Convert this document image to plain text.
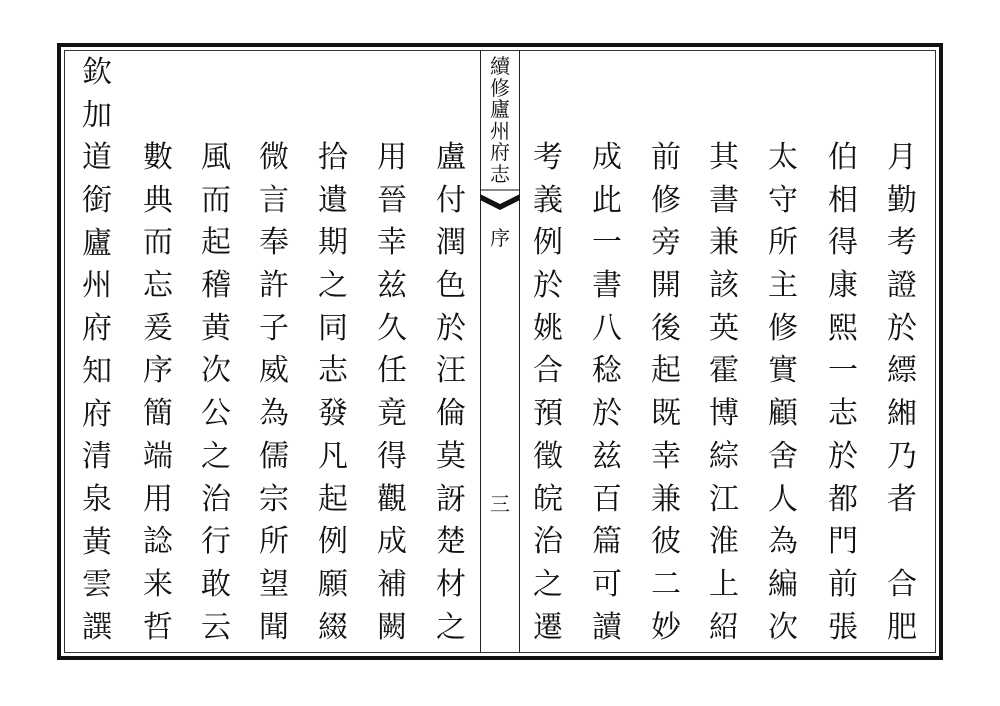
續
修
廬
州
府
志
序
三
欽
加
道
銜
廬
州
府
知
府
清
泉
黃
雲
譔
數
典
而
忘
爰
序
簡
端
用
諗
来
哲
風
而
起
稽
黄
次
公
之
治
行
敢
云
微
言
奉
許
子
威
為
儒
宗
所
望
聞
拾
遺
期
之
同
志
發
凡
起
例
願
綴
用
晉
幸
兹
久
任
竟
得
觀
成
補
闕
盧
付
潤
色
於
汪
倫
莫
訝
楚
材
之
考
義
例
於
姚
合
預
徵
皖
治
之
遷
成
此
一
書
八
稔
於
兹
百
篇
可
讀
前
修
旁
開
後
起
既
幸
兼
彼
二
妙
其
書
兼
該
英
霍
博
綜
江
淮
上
紹
太
守
所
主
修
實
顧
舍
人
為
編
次
伯
相
得
康
熙
一
志
於
都
門
前
張
月
勤
考
證
於
縹
緗
乃
者
合
肥
